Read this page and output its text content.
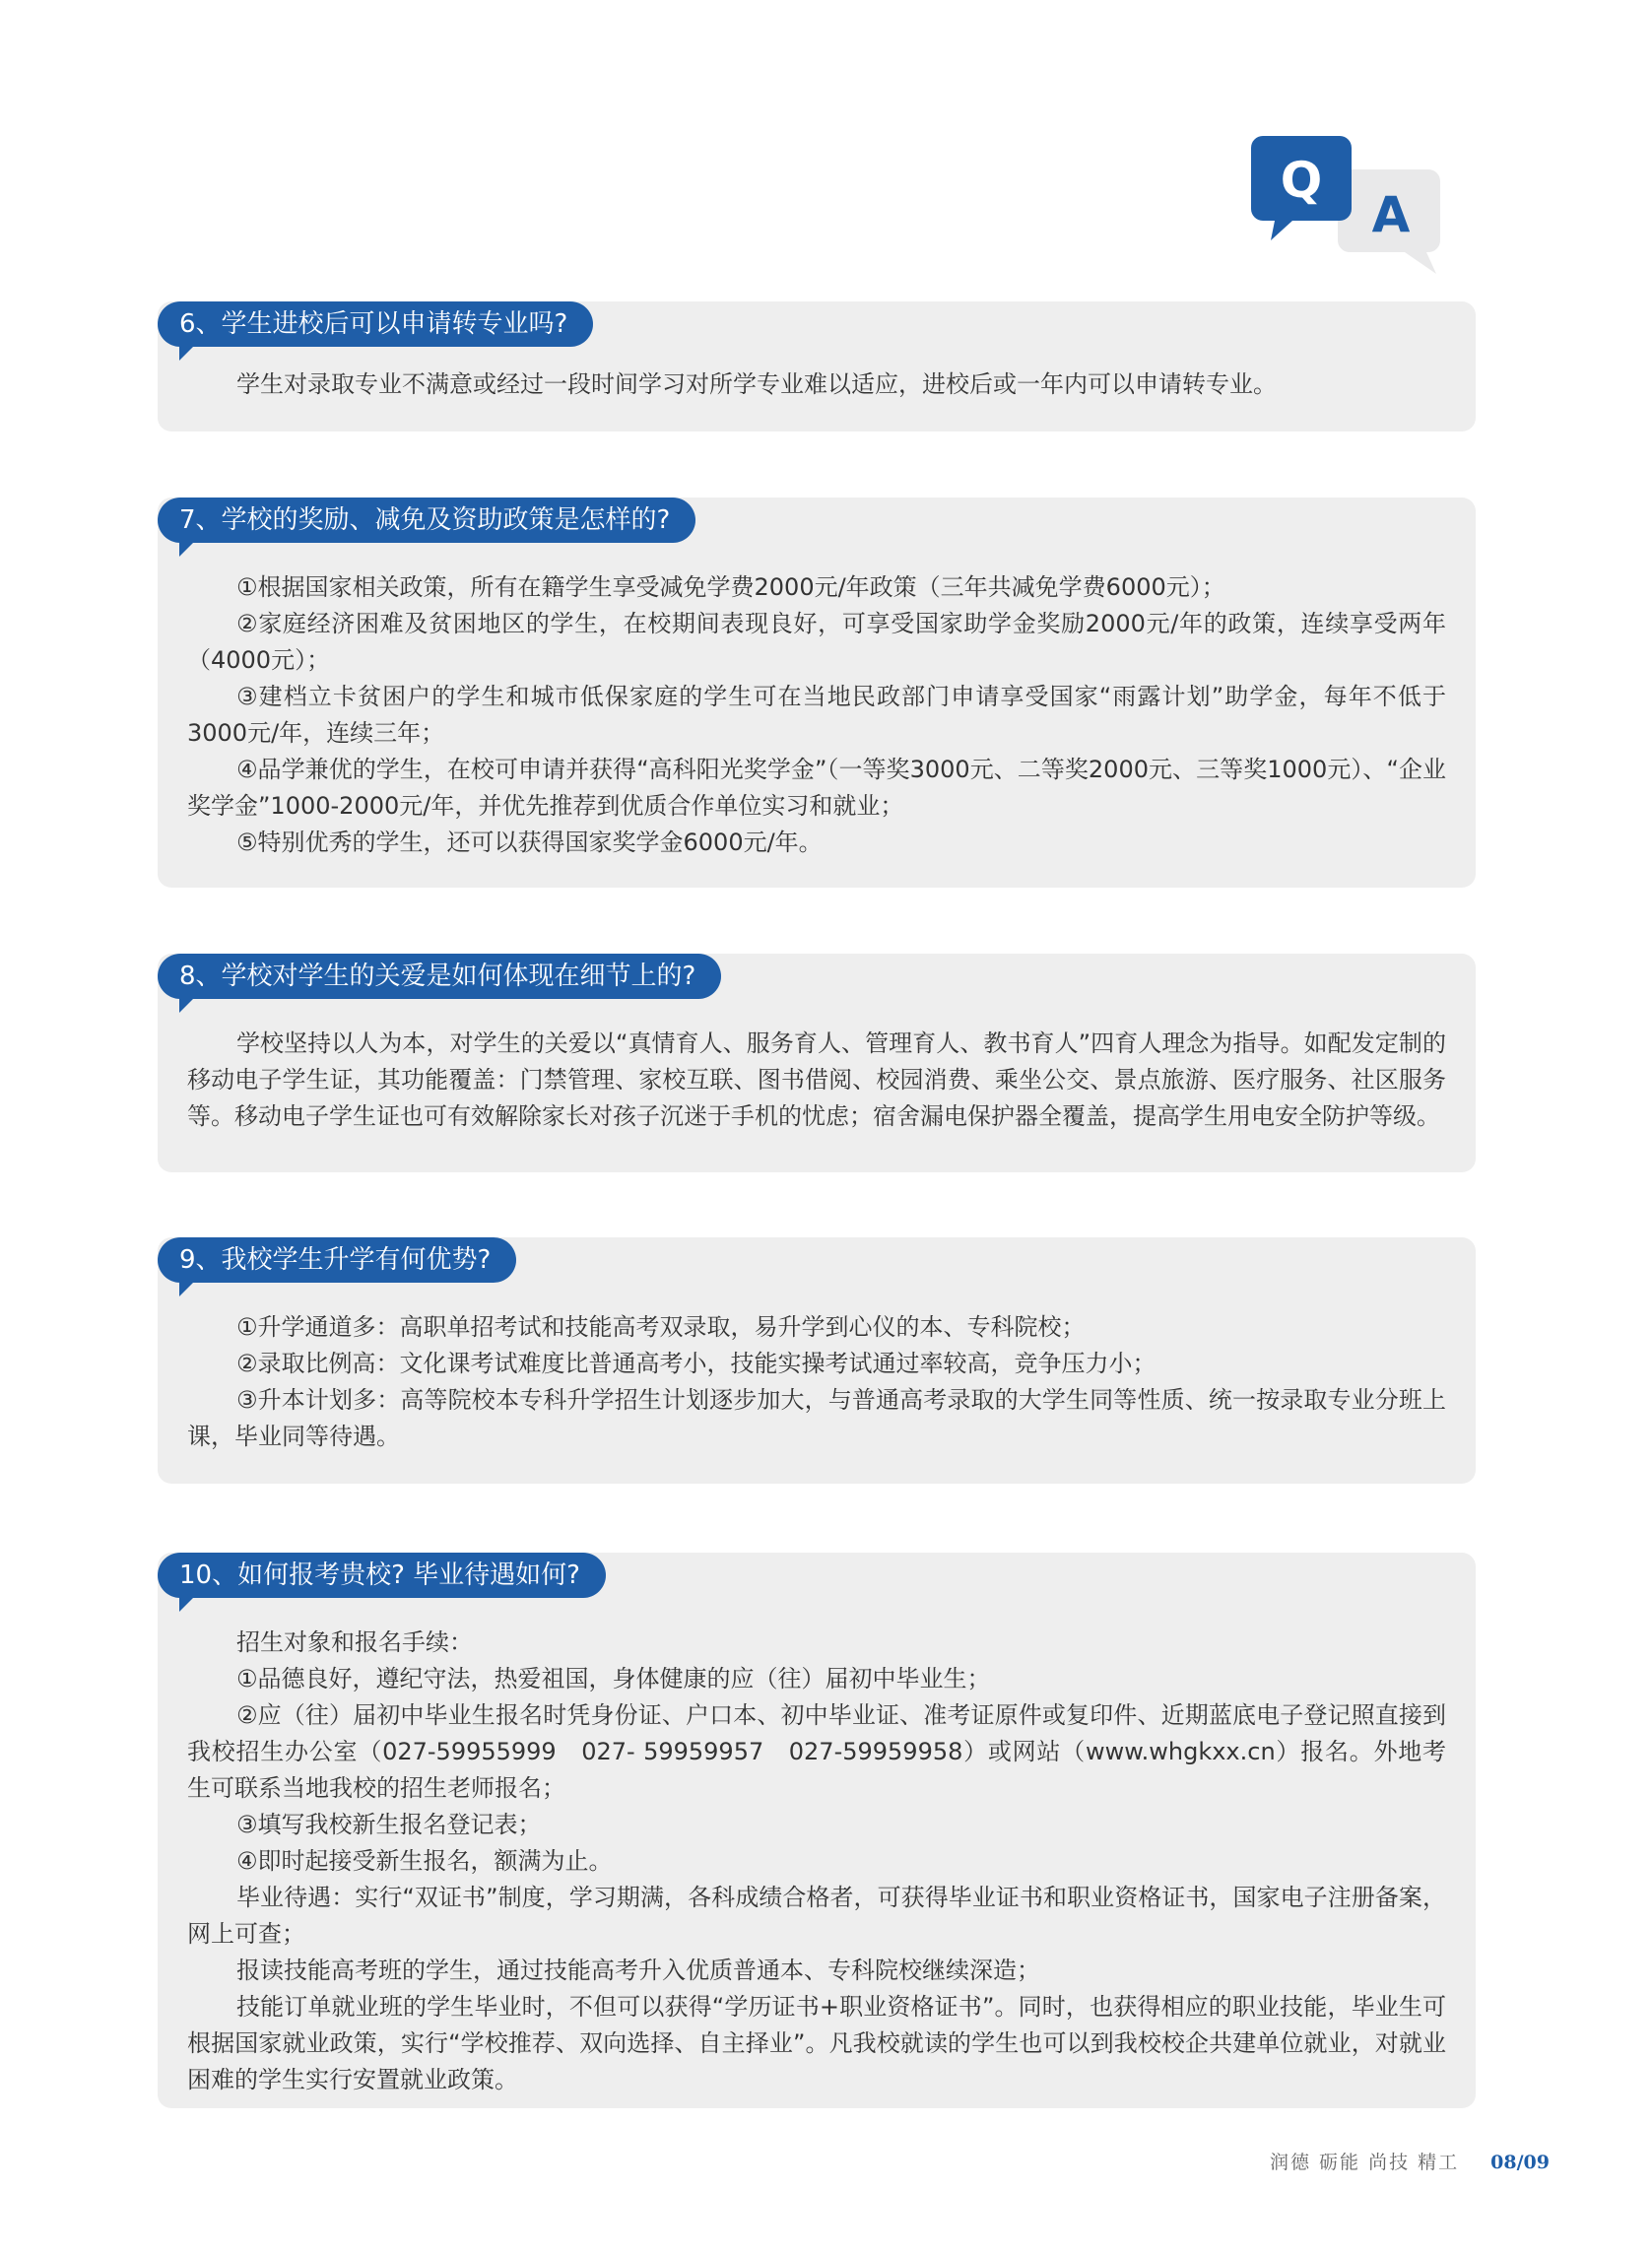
A
Q
6、学生进校后可以申请转专业吗?

学生对录取专业不满意或经过一段时间学习对所学专业难以适应，进校后或一年内可以申请转专业。

7、学校的奖励、减免及资助政策是怎样的?

①根据国家相关政策，所有在籍学生享受减免学费2000元/年政策（三年共减免学费6000元）；

②家庭经济困难及贫困地区的学生，在校期间表现良好，可享受国家助学金奖励2000元/年的政策，连续享受两年（4000元）；

③建档立卡贫困户的学生和城市低保家庭的学生可在当地民政部门申请享受国家“雨露计划”助学金，每年不低于3000元/年，连续三年；

④品学兼优的学生，在校可申请并获得“高科阳光奖学金”（一等奖3000元、二等奖2000元、三等奖1000元）、“企业奖学金”1000-2000元/年，并优先推荐到优质合作单位实习和就业；

⑤特别优秀的学生，还可以获得国家奖学金6000元/年。

8、学校对学生的关爱是如何体现在细节上的?

学校坚持以人为本，对学生的关爱以“真情育人、服务育人、管理育人、教书育人”四育人理念为指导。如配发定制的移动电子学生证，其功能覆盖：门禁管理、家校互联、图书借阅、校园消费、乘坐公交、景点旅游、医疗服务、社区服务等。移动电子学生证也可有效解除家长对孩子沉迷于手机的忧虑；宿舍漏电保护器全覆盖，提高学生用电安全防护等级。

9、我校学生升学有何优势?

①升学通道多：高职单招考试和技能高考双录取，易升学到心仪的本、专科院校；

②录取比例高：文化课考试难度比普通高考小，技能实操考试通过率较高，竞争压力小；

③升本计划多：高等院校本专科升学招生计划逐步加大，与普通高考录取的大学生同等性质、统一按录取专业分班上课，毕业同等待遇。

10、如何报考贵校? 毕业待遇如何?

招生对象和报名手续：

①品德良好，遵纪守法，热爱祖国，身体健康的应（往）届初中毕业生；

②应（往）届初中毕业生报名时凭身份证、户口本、初中毕业证、准考证原件或复印件、近期蓝底电子登记照直接到我校招生办公室（027-59955999　027- 59959957　027-59959958）或网站（www.whgkxx.cn）报名。外地考生可联系当地我校的招生老师报名；

③填写我校新生报名登记表；

④即时起接受新生报名，额满为止。

毕业待遇：实行“双证书”制度，学习期满，各科成绩合格者，可获得毕业证书和职业资格证书，国家电子注册备案，网上可查；

报读技能高考班的学生，通过技能高考升入优质普通本、专科院校继续深造；

技能订单就业班的学生毕业时，不但可以获得“学历证书+职业资格证书”。同时，也获得相应的职业技能，毕业生可根据国家就业政策，实行“学校推荐、双向选择、自主择业”。凡我校就读的学生也可以到我校校企共建单位就业，对就业困难的学生实行安置就业政策。

润德 砺能 尚技 精工 08/09
